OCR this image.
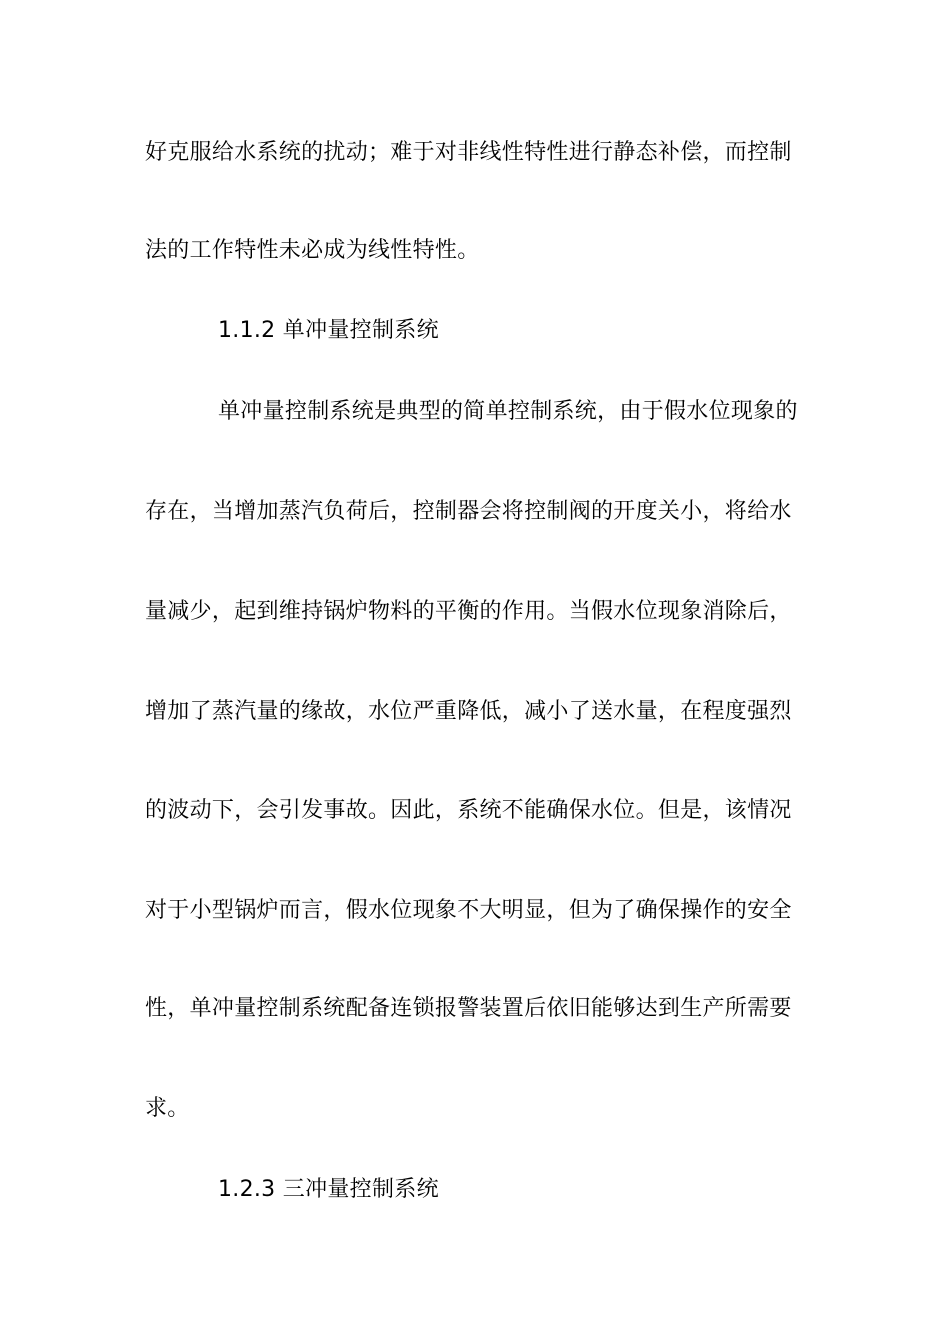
好克服给水系统的扰动；难于对非线性特性进行静态补偿，而控制
法的工作特性未必成为线性特性。
1.1.2 单冲量控制系统
单冲量控制系统是典型的简单控制系统，由于假水位现象的
存在，当增加蒸汽负荷后，控制器会将控制阀的开度关小，将给水
量减少，起到维持锅炉物料的平衡的作用。当假水位现象消除后，
增加了蒸汽量的缘故，水位严重降低，减小了送水量，在程度强烈
的波动下，会引发事故。因此，系统不能确保水位。但是，该情况
对于小型锅炉而言，假水位现象不大明显，但为了确保操作的安全
性，单冲量控制系统配备连锁报警装置后依旧能够达到生产所需要
求。
1.2.3 三冲量控制系统
